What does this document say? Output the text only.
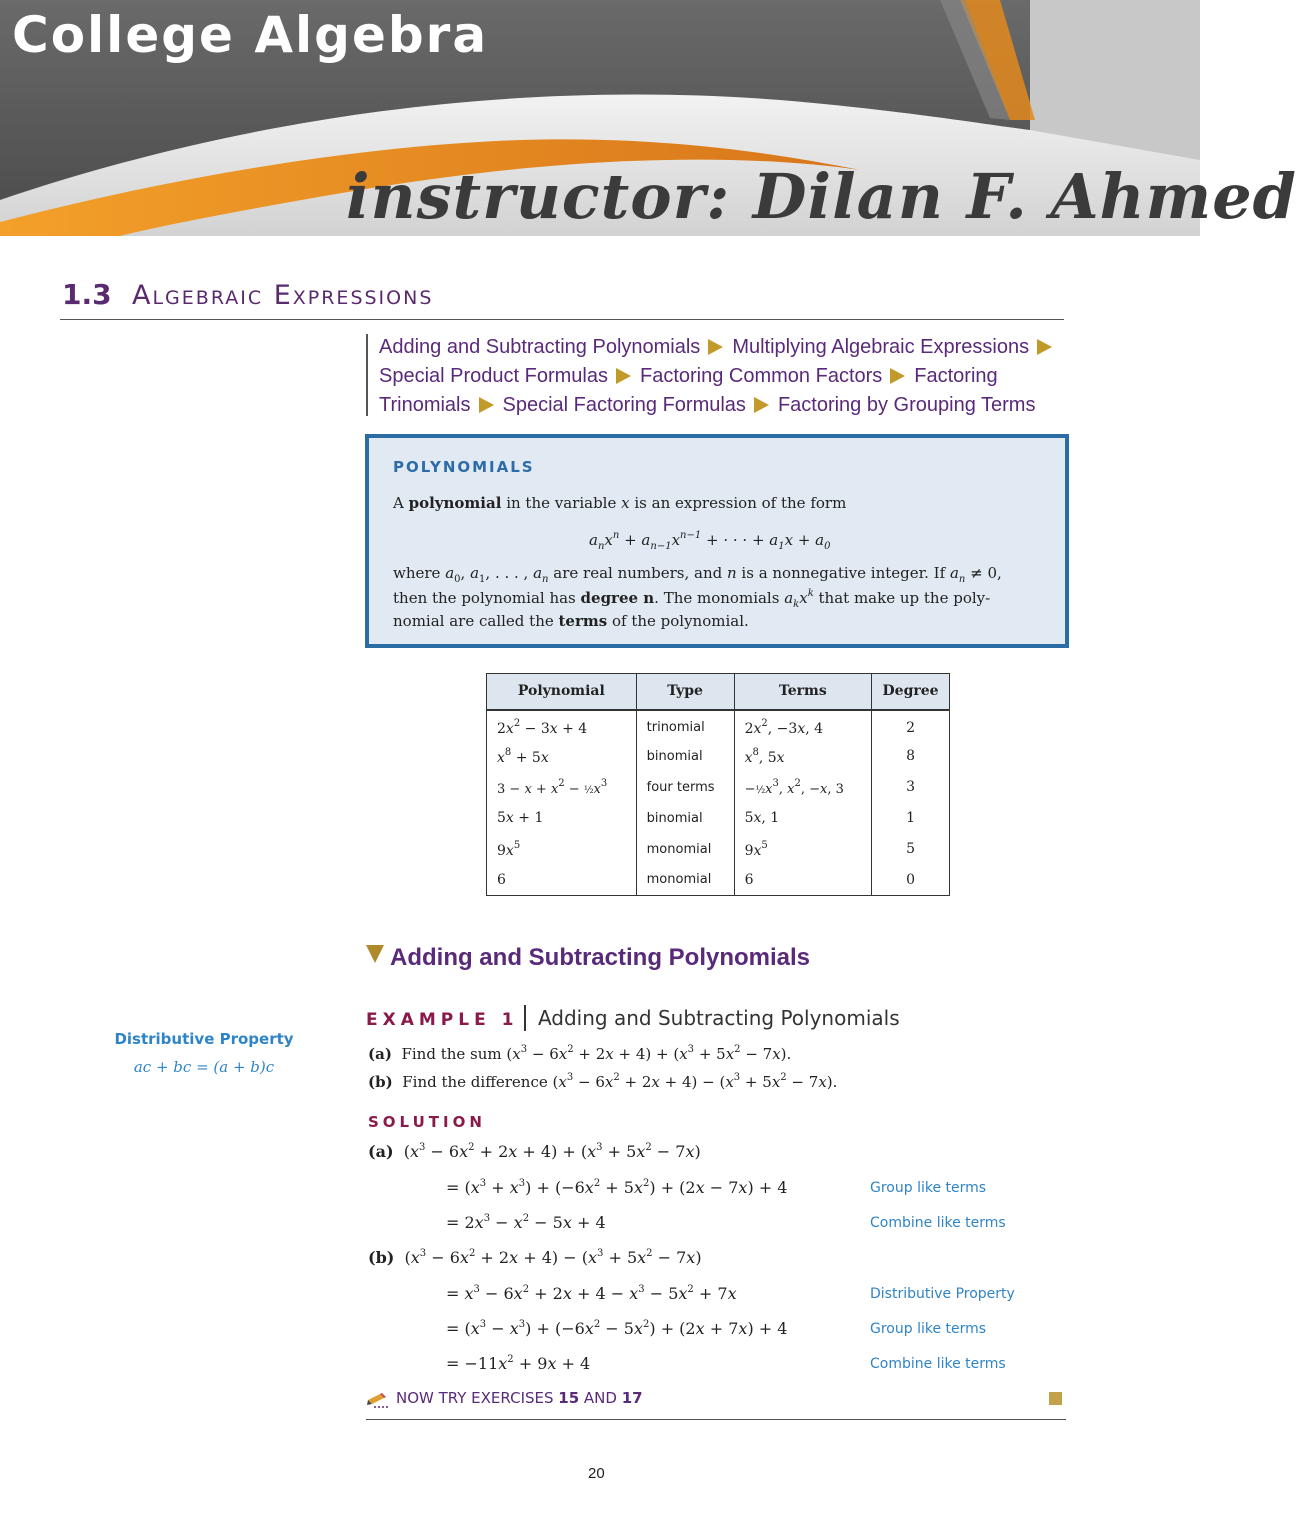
College Algebra
instructor: Dilan F. Ahmed
1.3 Algebraic Expressions
Adding and Subtracting Polynomials Multiplying Algebraic Expressions
Special Product Formulas Factoring Common Factors Factoring
Trinomials Special Factoring Formulas Factoring by Grouping Terms
POLYNOMIALS
A polynomial in the variable x is an expression of the form
$a_nx^n + a_{n-1}x^{n-1}$ + · · · + $a_1x + a_0$
where $a_0$, $a_1$, . . . , $a_n$ are real numbers, and n is a nonnegative integer. If $a_n \ne 0$,
then the polynomial has degree n. The monomials $a_kx^k$ that make up the poly-
nomial are called the terms of the polynomial.
Polynomial	Type	Terms	Degree
$2x^2 - 3x + 4$	trinomial	$2x^2$, −3x, 4	2
$x^8 + 5x$	binomial	$x^8$, 5x	8
$3 - x + x^2$ − $\frac{1}{2}x^3$	four terms	$-\frac{1}{2}x^3$, $x^2$, −x, 3	3
5x + 1	binomial	5x, 1	1
$9x^5$	monomial	$9x^5$	5
6	monomial	6	0
Adding and Subtracting Polynomials
Distributive Property
ac + bc = (a + b)c
EXAMPLE 1 Adding and Subtracting Polynomials
(a) Find the sum $(x^3 - 6x^2 + 2x + 4) + (x^3 + 5x^2 - 7x)$.
(b) Find the difference $(x^3 - 6x^2 + 2x + 4) - (x^3 + 5x^2 - 7x)$.
SOLUTION
(a)  $(x^3 - 6x^2 + 2x + 4) + (x^3 + 5x^2 - 7x)$
= $(x^3 + x^3) + (-6x^2 + 5x^2) + (2x - 7x) + 4$	Group like terms
= $2x^3 - x^2 - 5x + 4$	Combine like terms
(b)  $(x^3 - 6x^2 + 2x + 4) - (x^3 + 5x^2 - 7x)$
= $x^3 - 6x^2 + 2x + 4 - x^3 - 5x^2 + 7x$	Distributive Property
= $(x^3 - x^3) + (-6x^2 - 5x^2) + (2x + 7x) + 4$	Group like terms
= $-11x^2 + 9x + 4$	Combine like terms
NOW TRY EXERCISES 15 AND 17
20
